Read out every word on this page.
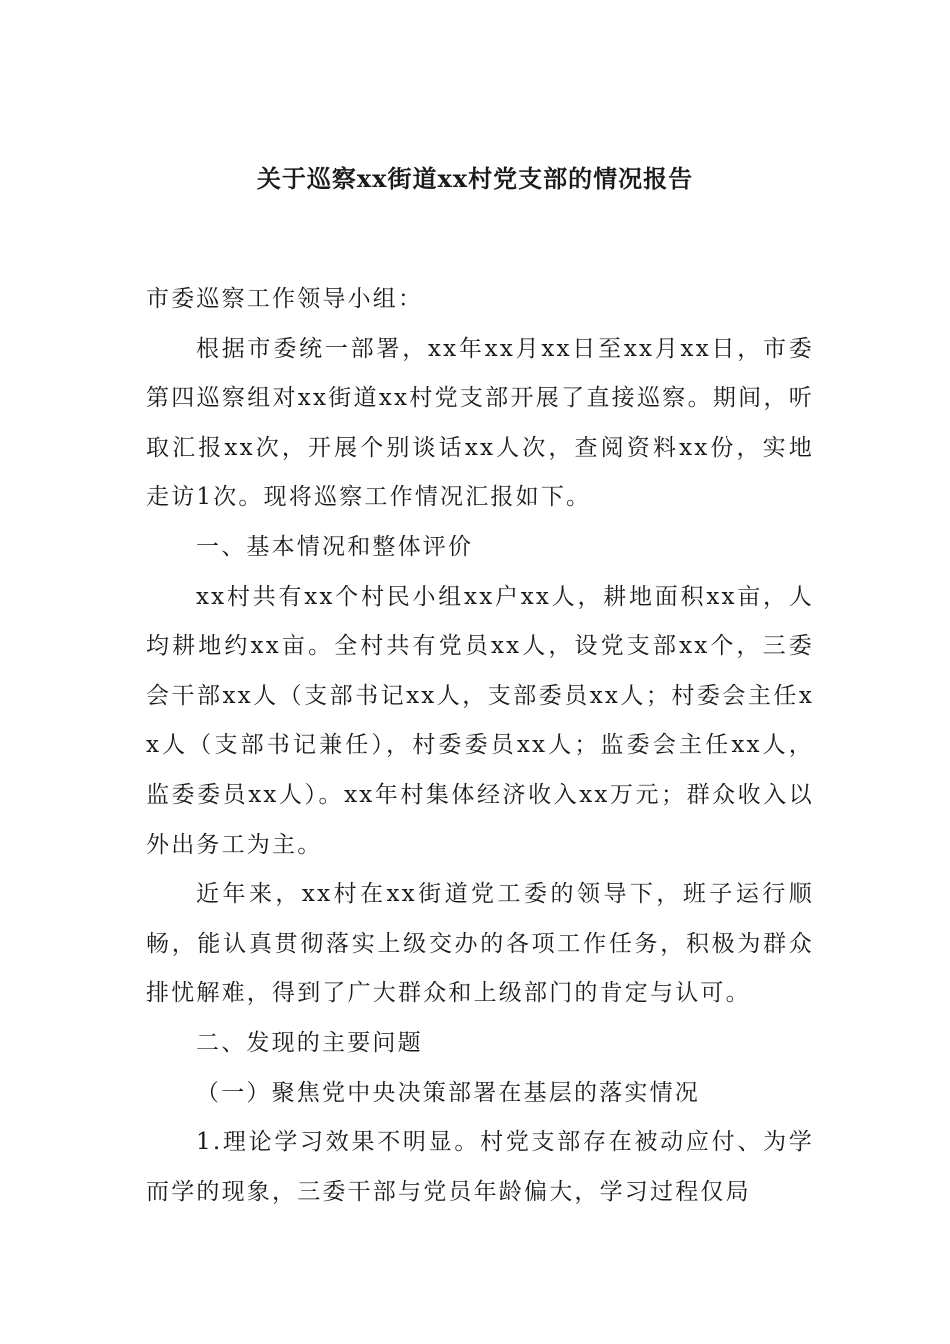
关于巡察xx街道xx村党支部的情况报告

市委巡察工作领导小组：

根据市委统一部署，xx年xx月xx日至xx月xx日，市委第四巡察组对xx街道xx村党支部开展了直接巡察。期间，听取汇报xx次，开展个别谈话xx人次，查阅资料xx份，实地走访1次。现将巡察工作情况汇报如下。

一、基本情况和整体评价

xx村共有xx个村民小组xx户xx人，耕地面积xx亩，人均耕地约xx亩。全村共有党员xx人，设党支部xx个，三委会干部xx人（支部书记xx人，支部委员xx人；村委会主任xx人（支部书记兼任），村委委员xx人；监委会主任xx人，监委委员xx人）。xx年村集体经济收入xx万元；群众收入以外出务工为主。

近年来，xx村在xx街道党工委的领导下，班子运行顺畅，能认真贯彻落实上级交办的各项工作任务，积极为群众排忧解难，得到了广大群众和上级部门的肯定与认可。

二、发现的主要问题

（一）聚焦党中央决策部署在基层的落实情况

1.理论学习效果不明显。村党支部存在被动应付、为学而学的现象，三委干部与党员年龄偏大，学习过程仅局
